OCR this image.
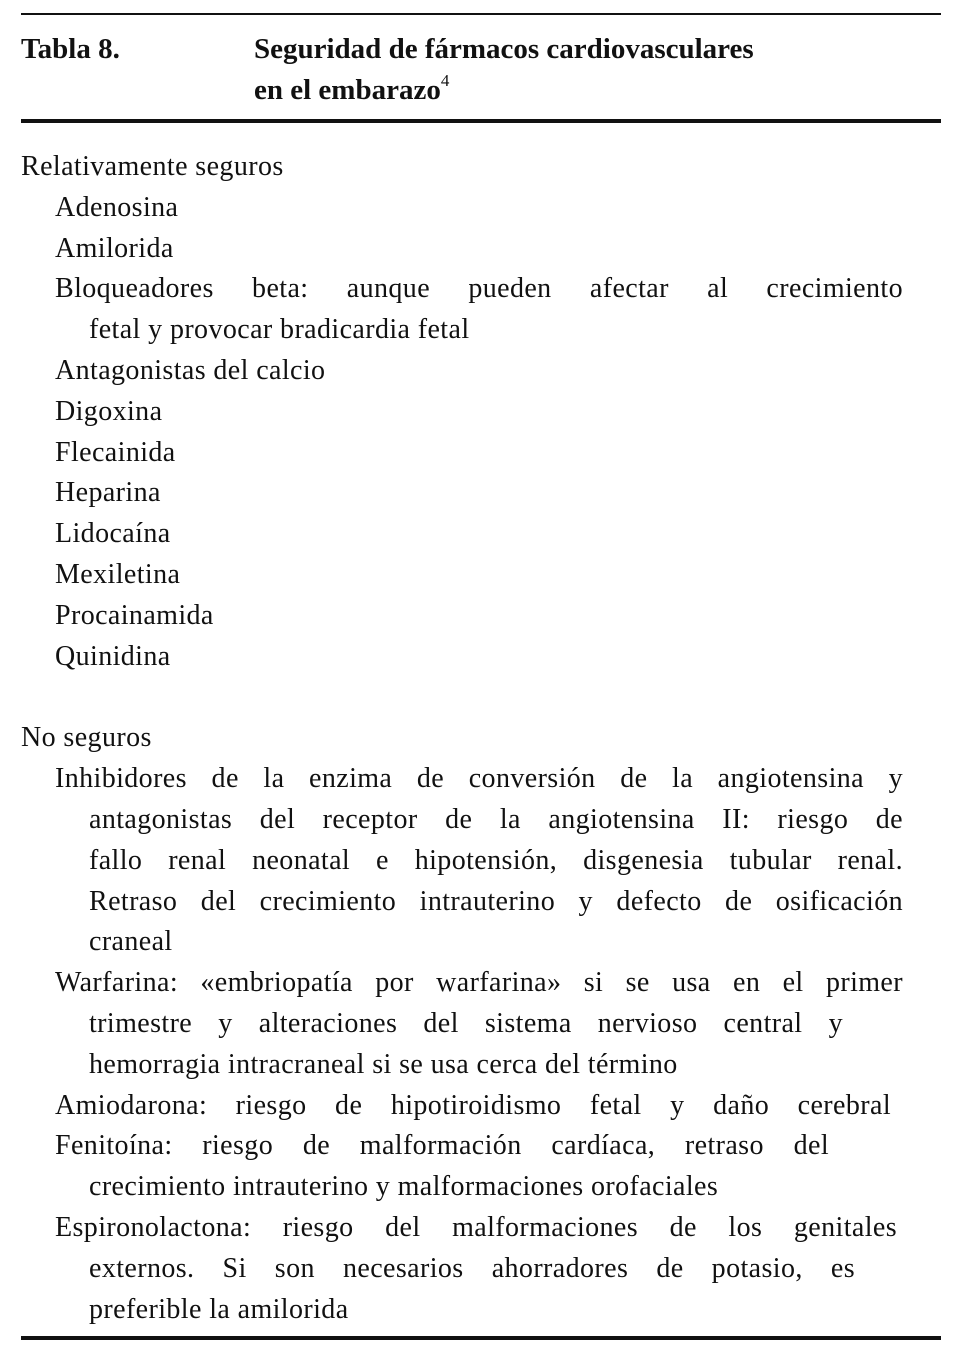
Tabla 8.	Seguridad de fármacos cardiovasculares
en el embarazo$^4$
Relativamente seguros
Adenosina
Amilorida
Bloqueadores beta: aunque pueden afectar al crecimiento
fetal y provocar bradicardia fetal
Antagonistas del calcio
Digoxina
Flecainida
Heparina
Lidocaína
Mexiletina
Procainamida
Quinidina
No seguros
Inhibidores de la enzima de conversión de la angiotensina y
antagonistas del receptor de la angiotensina II: riesgo de
fallo renal neonatal e hipotensión, disgenesia tubular renal.
Retraso del crecimiento intrauterino y defecto de osificación
craneal
Warfarina: «embriopatía por warfarina» si se usa en el primer
trimestre y alteraciones del sistema nervioso central y
hemorragia intracraneal si se usa cerca del término
Amiodarona: riesgo de hipotiroidismo fetal y daño cerebral
Fenitoína: riesgo de malformación cardíaca, retraso del
crecimiento intrauterino y malformaciones orofaciales
Espironolactona: riesgo del malformaciones de los genitales
externos. Si son necesarios ahorradores de potasio, es
preferible la amilorida
